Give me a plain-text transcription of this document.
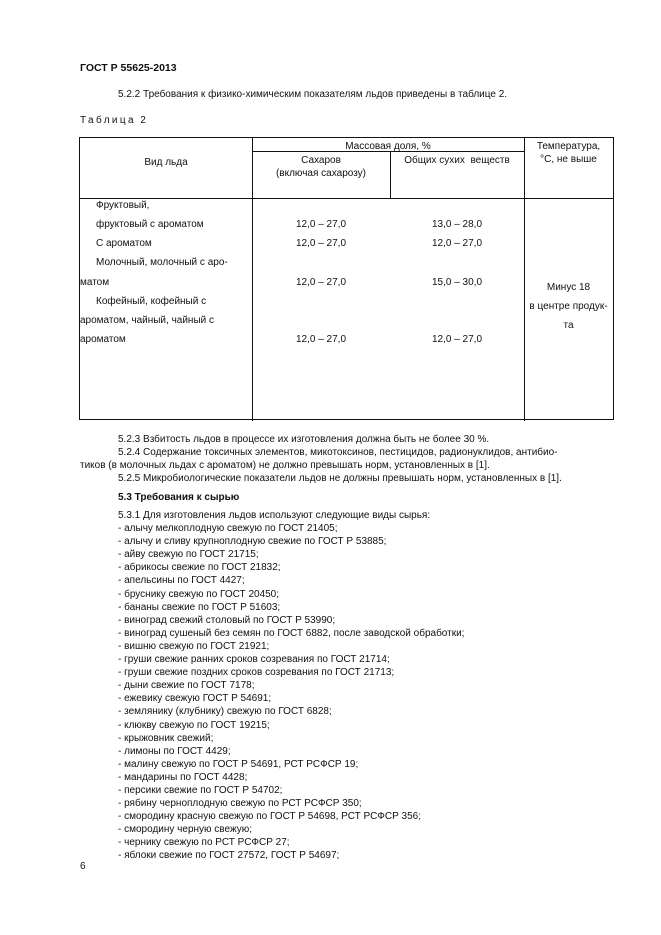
ГОСТ Р 55625-2013
5.2.2 Требования к физико-химическим показателям льдов приведены в таблице 2.
Таблица 2
Вид льда
Массовая доля, %
Сахаров
(включая сахарозу)
Общих сухих  веществ
Температура,
°С, не выше
Фруктовый,
фруктовый с ароматом
С ароматом
Молочный, молочный с аро-
матом
Кофейный, кофейный с
ароматом, чайный, чайный с
ароматом
12,0 – 27,0
12,0 – 27,0
12,0 – 27,0
12,0 – 27,0
13,0 – 28,0
12,0 – 27,0
15,0 – 30,0
12,0 – 27,0
Минус 18
в центре продук-
та
5.2.3 Взбитость льдов в процессе их изготовления должна быть не более 30 %.
5.2.4 Содержание токсичных элементов, микотоксинов, пестицидов, радионуклидов, антибио-
тиков (в молочных льдах с ароматом) не должно превышать норм, установленных в [1].
5.2.5 Микробиологические показатели льдов не должны превышать норм, установленных в [1].
5.3 Требования к сырью
5.3.1 Для изготовления льдов используют следующие виды сырья:
- алычу мелкоплодную свежую по ГОСТ 21405;
- алычу и сливу крупноплодную свежие по ГОСТ Р 53885;
- айву свежую по ГОСТ 21715;
- абрикосы свежие по ГОСТ 21832;
- апельсины по ГОСТ 4427;
- бруснику свежую по ГОСТ 20450;
- бананы свежие по ГОСТ Р 51603;
- виноград свежий столовый по ГОСТ Р 53990;
- виноград сушеный без семян по ГОСТ 6882, после заводской обработки;
- вишню свежую по ГОСТ 21921;
- груши свежие ранних сроков созревания по ГОСТ 21714;
- груши свежие поздних сроков созревания по ГОСТ 21713;
- дыни свежие по ГОСТ 7178;
- ежевику свежую ГОСТ Р 54691;
- землянику (клубнику) свежую по ГОСТ 6828;
- клюкву свежую по ГОСТ 19215;
- крыжовник свежий;
- лимоны по ГОСТ 4429;
- малину свежую по ГОСТ Р 54691, РСТ РСФСР 19;
- мандарины по ГОСТ 4428;
- персики свежие по ГОСТ Р 54702;
- рябину черноплодную свежую по РСТ РСФСР 350;
- смородину красную свежую по ГОСТ Р 54698, РСТ РСФСР 356;
- смородину черную свежую;
- чернику свежую по РСТ РСФСР 27;
- яблоки свежие по ГОСТ 27572, ГОСТ Р 54697;
6
